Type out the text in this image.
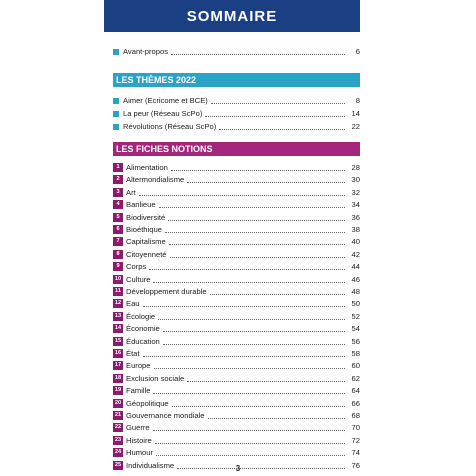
SOMMAIRE
Avant-propos	6
LES THÈMES 2022
Aimer (Ecricome et BCE)	8
La peur (Réseau ScPo)	14
Révolutions (Réseau ScPo)	22
LES FICHES NOTIONS
1 Alimentation	28
2 Altermondialisme	30
3 Art	32
4 Banlieue	34
5 Biodiversité	36
6 Bioéthique	38
7 Capitalisme	40
8 Citoyenneté	42
9 Corps	44
10 Culture	46
11 Développement durable	48
12 Eau	50
13 Écologie	52
14 Économie	54
15 Éducation	56
16 État	58
17 Europe	60
18 Exclusion sociale	62
19 Famille	64
20 Géopolitique	66
21 Gouvernance mondiale	68
22 Guerre	70
23 Histoire	72
24 Humour	74
25 Individualisme	76
3
